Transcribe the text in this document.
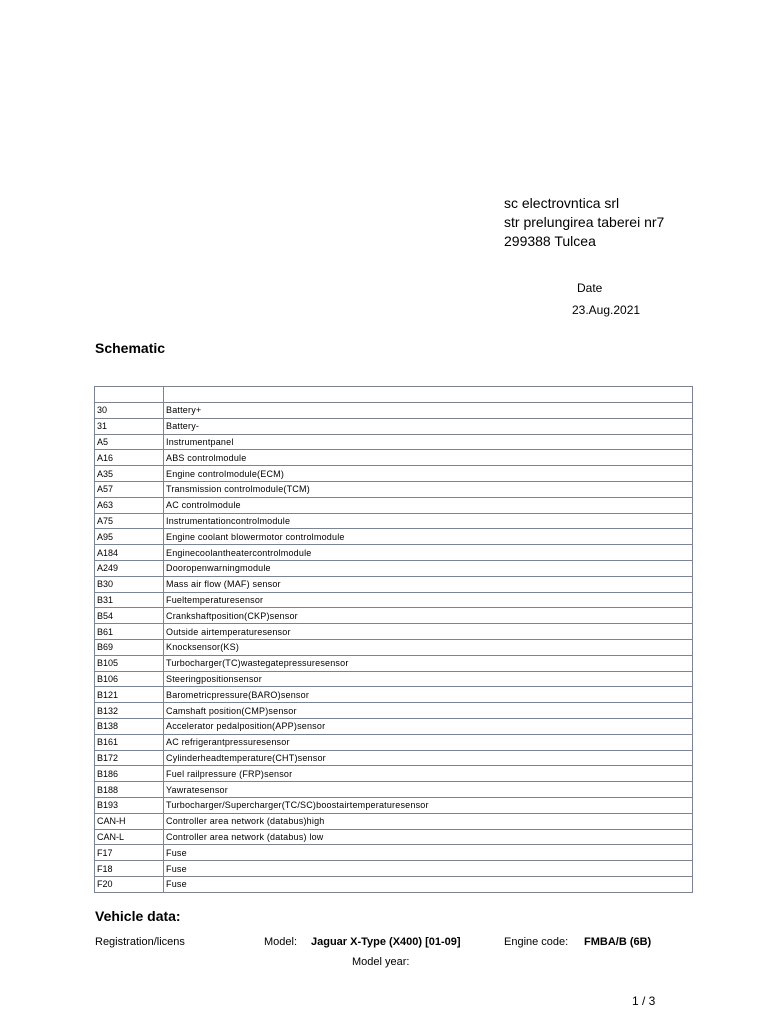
sc electrovntica srl
str prelungirea taberei nr7
299388 Tulcea
Date
23.Aug.2021
Schematic

30	Battery+
31	Battery-
A5	Instrumentpanel
A16	ABS controlmodule
A35	Engine controlmodule(ECM)
A57	Transmission controlmodule(TCM)
A63	AC controlmodule
A75	Instrumentationcontrolmodule
A95	Engine coolant blowermotor controlmodule
A184	Enginecoolantheatercontrolmodule
A249	Dooropenwarningmodule
B30	Mass air flow (MAF) sensor
B31	Fueltemperaturesensor
B54	Crankshaftposition(CKP)sensor
B61	Outside airtemperaturesensor
B69	Knocksensor(KS)
B105	Turbocharger(TC)wastegatepressuresensor
B106	Steeringpositionsensor
B121	Barometricpressure(BARO)sensor
B132	Camshaft position(CMP)sensor
B138	Accelerator pedalposition(APP)sensor
B161	AC refrigerantpressuresensor
B172	Cylinderheadtemperature(CHT)sensor
B186	Fuel railpressure (FRP)sensor
B188	Yawratesensor
B193	Turbocharger/Supercharger(TC/SC)boostairtemperaturesensor
CAN-H	Controller area network (databus)high
CAN-L	Controller area network (databus) low
F17	Fuse
F18	Fuse
F20	Fuse
Vehicle data:
Registration/licens	Model: Jaguar X-Type (X400) [01-09]	Engine code: FMBA/B (6B)
Model year:
1 / 3
